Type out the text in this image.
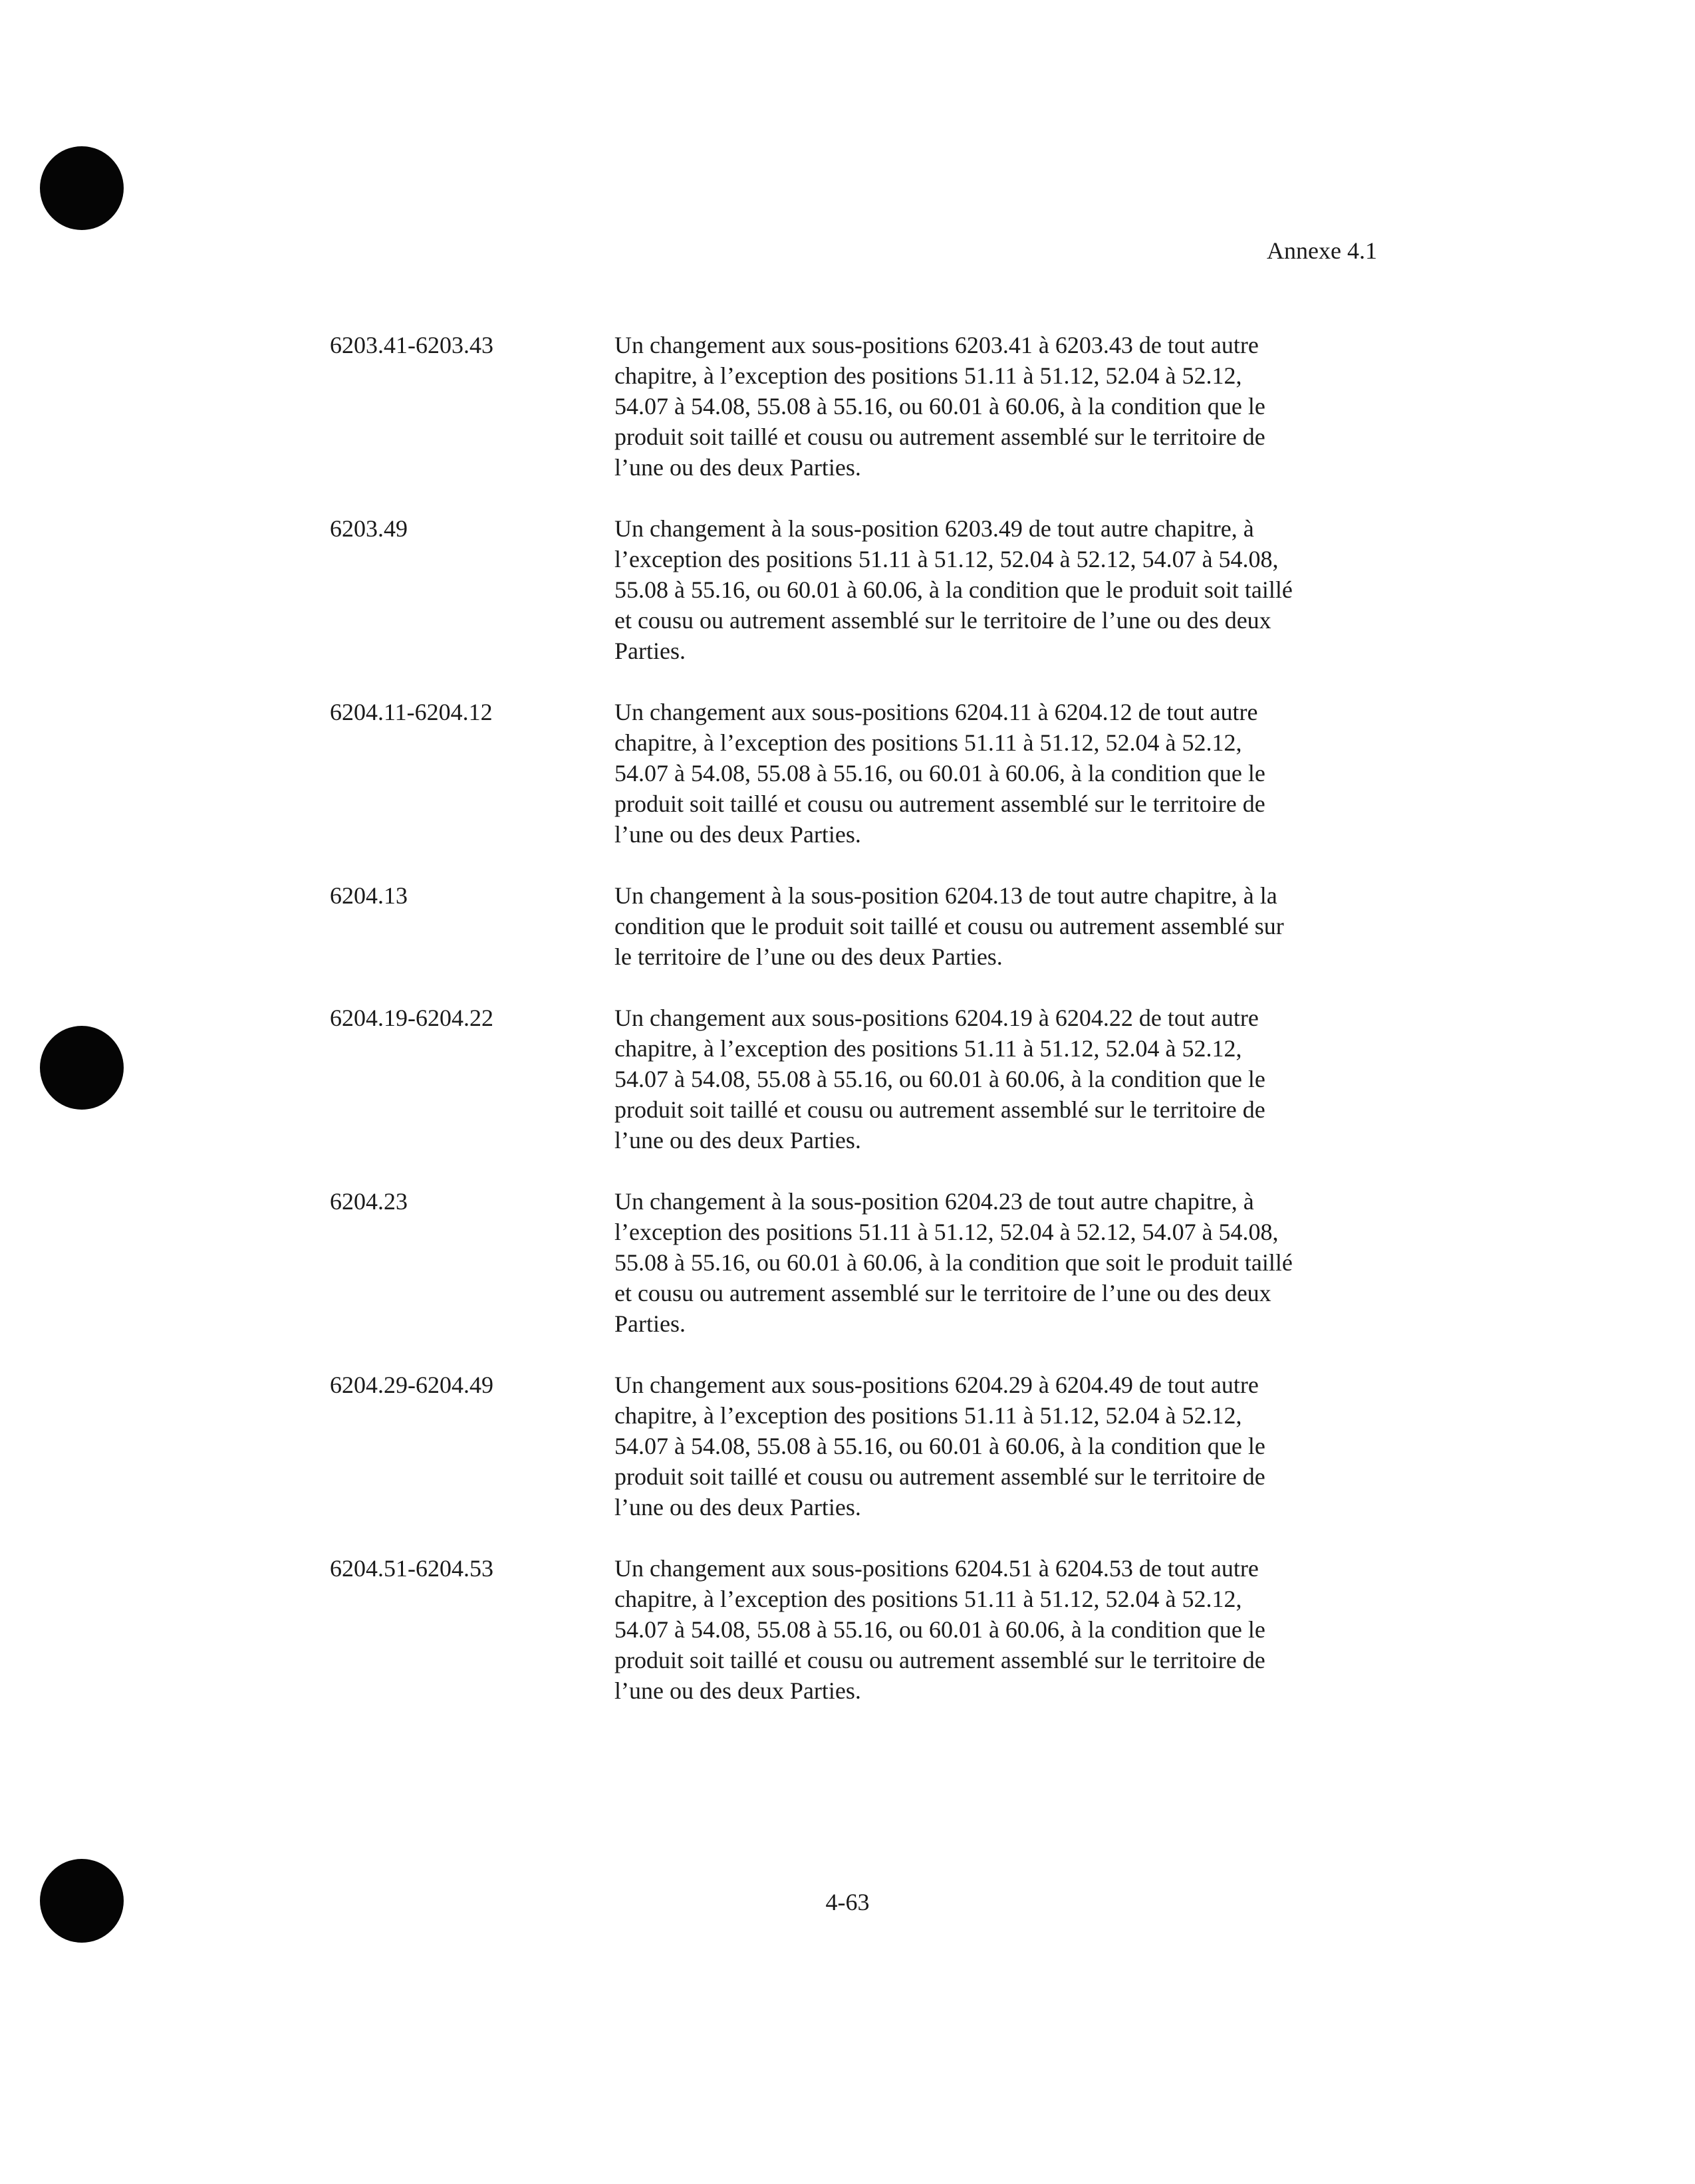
Annexe 4.1
6203.41-6203.43	Un changement aux sous-positions 6203.41 à 6203.43 de tout autre
chapitre, à l’exception des positions 51.11 à 51.12, 52.04 à 52.12,
54.07 à 54.08, 55.08 à 55.16, ou 60.01 à 60.06, à la condition que le
produit soit taillé et cousu ou autrement assemblé sur le territoire de
l’une ou des deux Parties.
6203.49	Un changement à la sous-position 6203.49 de tout autre chapitre, à
l’exception des positions 51.11 à 51.12, 52.04 à 52.12, 54.07 à 54.08,
55.08 à 55.16, ou 60.01 à 60.06, à la condition que le produit soit taillé
et cousu ou autrement assemblé sur le territoire de l’une ou des deux
Parties.
6204.11-6204.12	Un changement aux sous-positions 6204.11 à 6204.12 de tout autre
chapitre, à l’exception des positions 51.11 à 51.12, 52.04 à 52.12,
54.07 à 54.08, 55.08 à 55.16, ou 60.01 à 60.06, à la condition que le
produit soit taillé et cousu ou autrement assemblé sur le territoire de
l’une ou des deux Parties.
6204.13	Un changement à la sous-position 6204.13 de tout autre chapitre, à la
condition que le produit soit taillé et cousu ou autrement assemblé sur
le territoire de l’une ou des deux Parties.
6204.19-6204.22	Un changement aux sous-positions 6204.19 à 6204.22 de tout autre
chapitre, à l’exception des positions 51.11 à 51.12, 52.04 à 52.12,
54.07 à 54.08, 55.08 à 55.16, ou 60.01 à 60.06, à la condition que le
produit soit taillé et cousu ou autrement assemblé sur le territoire de
l’une ou des deux Parties.
6204.23	Un changement à la sous-position 6204.23 de tout autre chapitre, à
l’exception des positions 51.11 à 51.12, 52.04 à 52.12, 54.07 à 54.08,
55.08 à 55.16, ou 60.01 à 60.06, à la condition que soit le produit taillé
et cousu ou autrement assemblé sur le territoire de l’une ou des deux
Parties.
6204.29-6204.49	Un changement aux sous-positions 6204.29 à 6204.49 de tout autre
chapitre, à l’exception des positions 51.11 à 51.12, 52.04 à 52.12,
54.07 à 54.08, 55.08 à 55.16, ou 60.01 à 60.06, à la condition que le
produit soit taillé et cousu ou autrement assemblé sur le territoire de
l’une ou des deux Parties.
6204.51-6204.53	Un changement aux sous-positions 6204.51 à 6204.53 de tout autre
chapitre, à l’exception des positions 51.11 à 51.12, 52.04 à 52.12,
54.07 à 54.08, 55.08 à 55.16, ou 60.01 à 60.06, à la condition que le
produit soit taillé et cousu ou autrement assemblé sur le territoire de
l’une ou des deux Parties.
4-63
